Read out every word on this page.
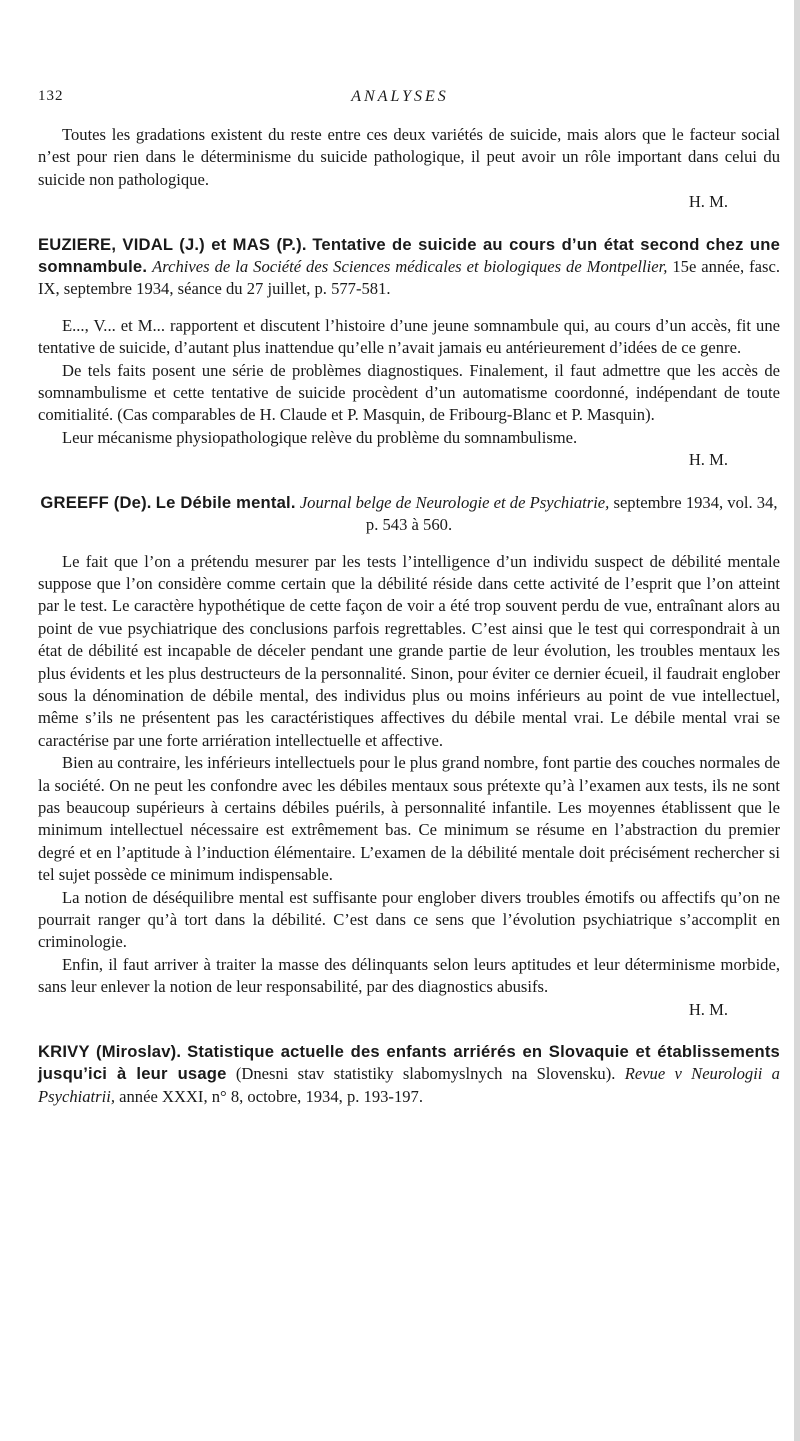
132	ANALYSES

Toutes les gradations existent du reste entre ces deux variétés de suicide, mais alors que le facteur social n’est pour rien dans le déterminisme du suicide pathologique, il peut avoir un rôle important dans celui du suicide non pathologique.

H. M.

EUZIERE, VIDAL (J.) et MAS (P.). Tentative de suicide au cours d’un état second chez une somnambule. Archives de la Société des Sciences médicales et biologiques de Montpellier, 15e année, fasc. IX, septembre 1934, séance du 27 juillet, p. 577-581.

E..., V... et M... rapportent et discutent l’histoire d’une jeune somnambule qui, au cours d’un accès, fit une tentative de suicide, d’autant plus inattendue qu’elle n’avait jamais eu antérieurement d’idées de ce genre.

De tels faits posent une série de problèmes diagnostiques. Finalement, il faut admettre que les accès de somnambulisme et cette tentative de suicide procèdent d’un automatisme coordonné, indépendant de toute comitialité. (Cas comparables de H. Claude et P. Masquin, de Fribourg-Blanc et P. Masquin).

Leur mécanisme physiopathologique relève du problème du somnambulisme.

H. M.

GREEFF (De). Le Débile mental. Journal belge de Neurologie et de Psychiatrie, septembre 1934, vol. 34, p. 543 à 560.

Le fait que l’on a prétendu mesurer par les tests l’intelligence d’un individu suspect de débilité mentale suppose que l’on considère comme certain que la débilité réside dans cette activité de l’esprit que l’on atteint par le test. Le caractère hypothétique de cette façon de voir a été trop souvent perdu de vue, entraînant alors au point de vue psychiatrique des conclusions parfois regrettables. C’est ainsi que le test qui correspondrait à un état de débilité est incapable de déceler pendant une grande partie de leur évolution, les troubles mentaux les plus évidents et les plus destructeurs de la personnalité. Sinon, pour éviter ce dernier écueil, il faudrait englober sous la dénomination de débile mental, des individus plus ou moins inférieurs au point de vue intellectuel, même s’ils ne présentent pas les caractéristiques affectives du débile mental vrai. Le débile mental vrai se caractérise par une forte arriération intellectuelle et affective.

Bien au contraire, les inférieurs intellectuels pour le plus grand nombre, font partie des couches normales de la société. On ne peut les confondre avec les débiles mentaux sous prétexte qu’à l’examen aux tests, ils ne sont pas beaucoup supérieurs à certains débiles puérils, à personnalité infantile. Les moyennes établissent que le minimum intellectuel nécessaire est extrêmement bas. Ce minimum se résume en l’abstraction du premier degré et en l’aptitude à l’induction élémentaire. L’examen de la débilité mentale doit précisément rechercher si tel sujet possède ce minimum indispensable.

La notion de déséquilibre mental est suffisante pour englober divers troubles émotifs ou affectifs qu’on ne pourrait ranger qu’à tort dans la débilité. C’est dans ce sens que l’évolution psychiatrique s’accomplit en criminologie.

Enfin, il faut arriver à traiter la masse des délinquants selon leurs aptitudes et leur déterminisme morbide, sans leur enlever la notion de leur responsabilité, par des diagnostics abusifs.

H. M.

KRIVY (Miroslav). Statistique actuelle des enfants arriérés en Slovaquie et établissements jusqu’ici à leur usage (Dnesni stav statistiky slabomyslnych na Slovensku). Revue v Neurologii a Psychiatrii, année XXXI, n° 8, octobre, 1934, p. 193-197.
